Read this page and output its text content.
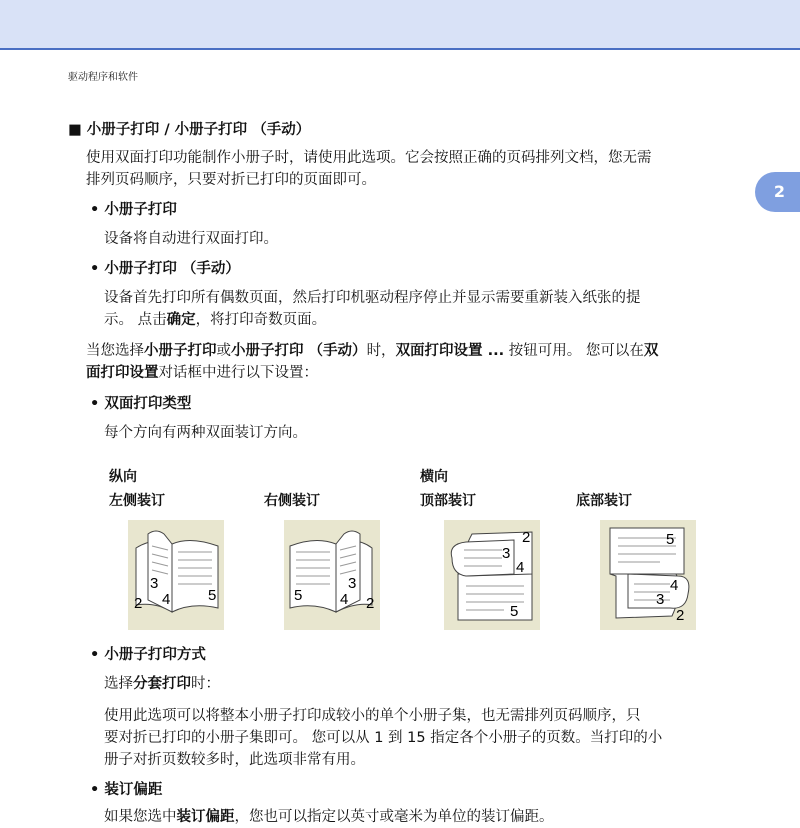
驱动程序和软件
2
■ 小册子打印 / 小册子打印 （手动）
使用双面打印功能制作小册子时，请使用此选项。它会按照正确的页码排列文档，您无需
排列页码顺序，只要对折已打印的页面即可。
• 小册子打印
设备将自动进行双面打印。
• 小册子打印 （手动）
设备首先打印所有偶数页面，然后打印机驱动程序停止并显示需要重新装入纸张的提
示。 点击确定，将打印奇数页面。
当您选择小册子打印或小册子打印 （手动）时，双面打印设置 ... 按钮可用。 您可以在双
面打印设置对话框中进行以下设置：
• 双面打印类型
每个方向有两种双面装订方向。
纵向	横向
左侧装订	右侧装订	顶部装订	底部装订
3
2 4	5
3
5	4 2
2
3
4
5
5
4
3
2
• 小册子打印方式
选择分套打印时：
使用此选项可以将整本小册子打印成较小的单个小册子集，也无需排列页码顺序，只
要对折已打印的小册子集即可。 您可以从 1 到 15 指定各个小册子的页数。当打印的小
册子对折页数较多时，此选项非常有用。
• 装订偏距
如果您选中装订偏距，您也可以指定以英寸或毫米为单位的装订偏距。
